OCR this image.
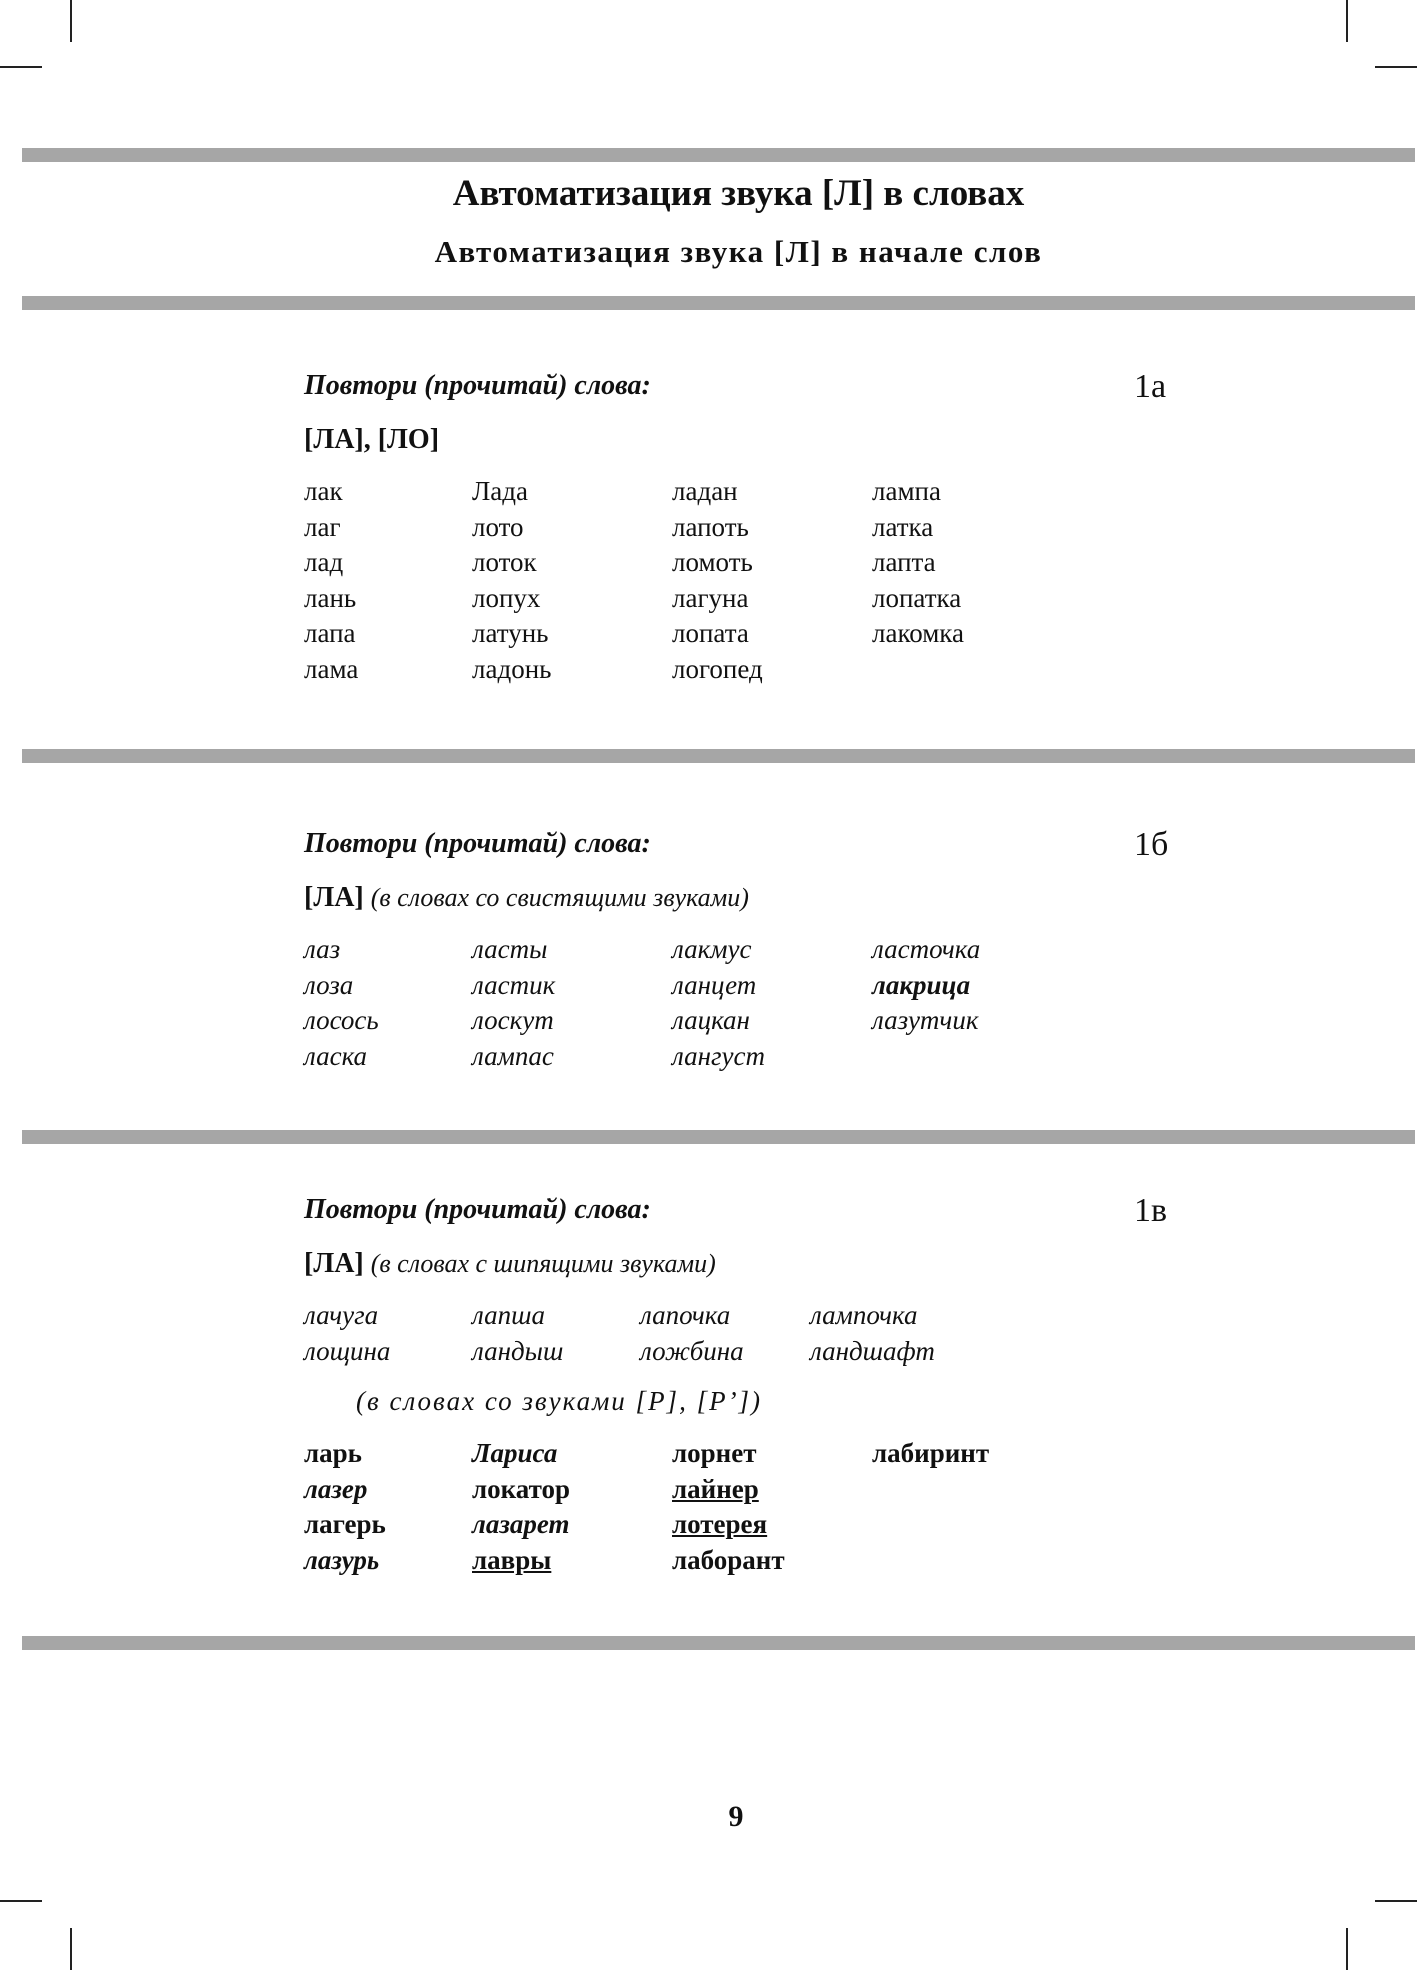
Автоматизация звука [Л] в словах
Автоматизация звука [Л] в начале слов
Повтори (прочитай) слова:	1а
[ЛА], [ЛО]
лак	Лада	ладан	лампа
лаг	лото	лапоть	латка
лад	лоток	ломоть	лапта
лань	лопух	лагуна	лопатка
лапа	латунь	лопата	лакомка
лама	ладонь	логопед
Повтори (прочитай) слова:	1б
[ЛА] (в словах со свистящими звуками)
лаз	ласты	лакмус	ласточка
лоза	ластик	ланцет	лакрица
лосось	лоскут	лацкан	лазутчик
ласка	лампас	лангуст
Повтори (прочитай) слова:	1в
[ЛА] (в словах с шипящими звуками)
лачуга	лапша	лапочка	лампочка
лощина	ландыш	ложбина	ландшафт
(в словах со звуками [Р], [Р’])
ларь	Лариса	лорнет	лабиринт
лазер	локатор	лайнер
лагерь	лазарет	лотерея
лазурь	лавры	лаборант
9
